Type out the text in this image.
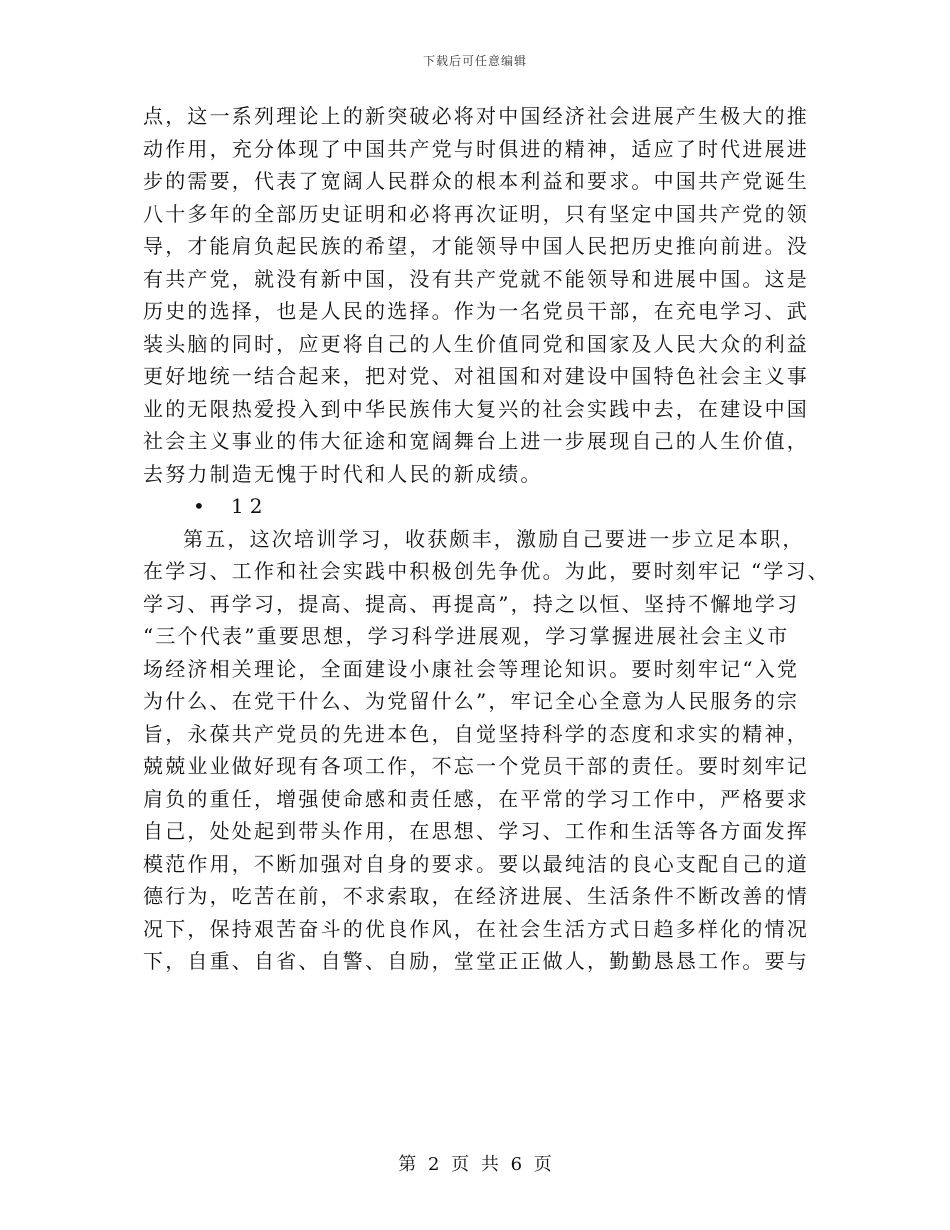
下载后可任意编辑
点，这一系列理论上的新突破必将对中国经济社会进展产生极大的推
动作用，充分体现了中国共产党与时俱进的精神，适应了时代进展进
步的需要，代表了宽阔人民群众的根本利益和要求。中国共产党诞生
八十多年的全部历史证明和必将再次证明，只有坚定中国共产党的领
导，才能肩负起民族的希望，才能领导中国人民把历史推向前进。没
有共产党，就没有新中国，没有共产党就不能领导和进展中国。这是
历史的选择，也是人民的选择。作为一名党员干部，在充电学习、武
装头脑的同时，应更将自己的人生价值同党和国家及人民大众的利益
更好地统一结合起来，把对党、对祖国和对建设中国特色社会主义事
业的无限热爱投入到中华民族伟大复兴的社会实践中去，在建设中国
社会主义事业的伟大征途和宽阔舞台上进一步展现自己的人生价值，
去努力制造无愧于时代和人民的新成绩。
• 12
第五，这次培训学习，收获颇丰，激励自己要进一步立足本职，
在学习、工作和社会实践中积极创先争优。为此，要时刻牢记 “学习、
学习、再学习，提高、提高、再提高”，持之以恒、坚持不懈地学习
“三个代表”重要思想，学习科学进展观，学习掌握进展社会主义市
场经济相关理论，全面建设小康社会等理论知识。要时刻牢记“入党
为什么、在党干什么、为党留什么”，牢记全心全意为人民服务的宗
旨，永葆共产党员的先进本色，自觉坚持科学的态度和求实的精神，
兢兢业业做好现有各项工作，不忘一个党员干部的责任。要时刻牢记
肩负的重任，增强使命感和责任感，在平常的学习工作中，严格要求
自己，处处起到带头作用，在思想、学习、工作和生活等各方面发挥
模范作用，不断加强对自身的要求。要以最纯洁的良心支配自己的道
德行为，吃苦在前，不求索取，在经济进展、生活条件不断改善的情
况下，保持艰苦奋斗的优良作风，在社会生活方式日趋多样化的情况
下，自重、自省、自警、自励，堂堂正正做人，勤勤恳恳工作。要与
第 2 页 共 6 页
